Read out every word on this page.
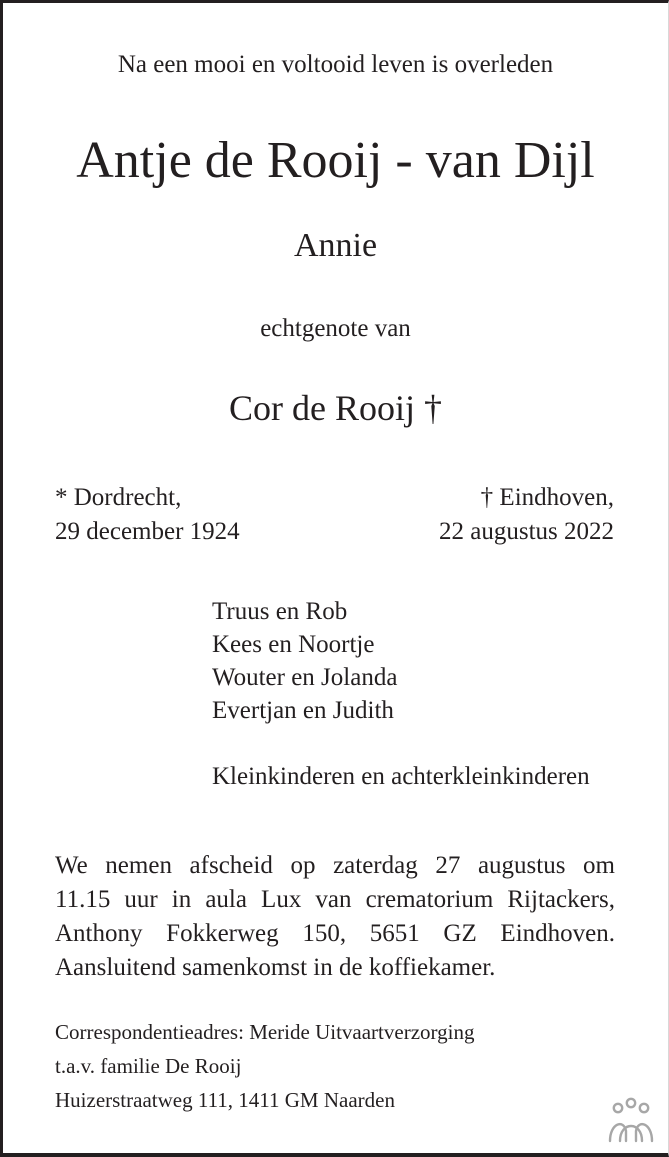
Na een mooi en voltooid leven is overleden
Antje de Rooij - van Dijl
Annie
echtgenote van
Cor de Rooij †
* Dordrecht,
29 december 1924
† Eindhoven,
22 augustus 2022
Truus en Rob
Kees en Noortje
Wouter en Jolanda
Evertjan en Judith
Kleinkinderen en achterkleinkinderen
We nemen afscheid op zaterdag 27 augustus om
11.15 uur in aula Lux van crematorium Rijtackers,
Anthony Fokkerweg 150, 5651 GZ Eindhoven.
Aansluitend samenkomst in de koffiekamer.
Correspondentieadres: Meride Uitvaartverzorging
t.a.v. familie De Rooij
Huizerstraatweg 111, 1411 GM Naarden
